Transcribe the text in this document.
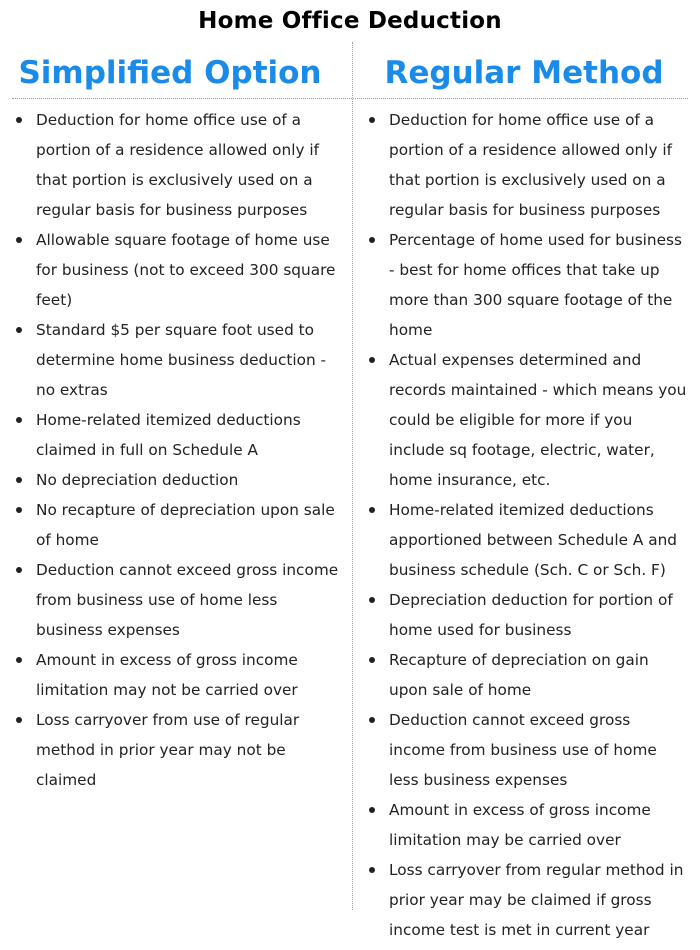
Home Office Deduction
Simplified Option	Regular Method
Deduction for home office use of a portion of a residence allowed only if that portion is exclusively used on a regular basis for business purposes
Allowable square footage of home use for business (not to exceed 300 square feet)
Standard $5 per square foot used to determine home business deduction - no extras
Home-related itemized deductions claimed in full on Schedule A
No depreciation deduction
No recapture of depreciation upon sale of home
Deduction cannot exceed gross income from business use of home less business expenses
Amount in excess of gross income limitation may not be carried over
Loss carryover from use of regular method in prior year may not be claimed
Deduction for home office use of a portion of a residence allowed only if that portion is exclusively used on a regular basis for business purposes
Percentage of home used for business - best for home offices that take up more than 300 square footage of the home
Actual expenses determined and records maintained - which means you could be eligible for more if you include sq footage, electric, water, home insurance, etc.
Home-related itemized deductions apportioned between Schedule A and business schedule (Sch. C or Sch. F)
Depreciation deduction for portion of home used for business
Recapture of depreciation on gain upon sale of home
Deduction cannot exceed gross income from business use of home less business expenses
Amount in excess of gross income limitation may be carried over
Loss carryover from regular method in prior year may be claimed if gross income test is met in current year
